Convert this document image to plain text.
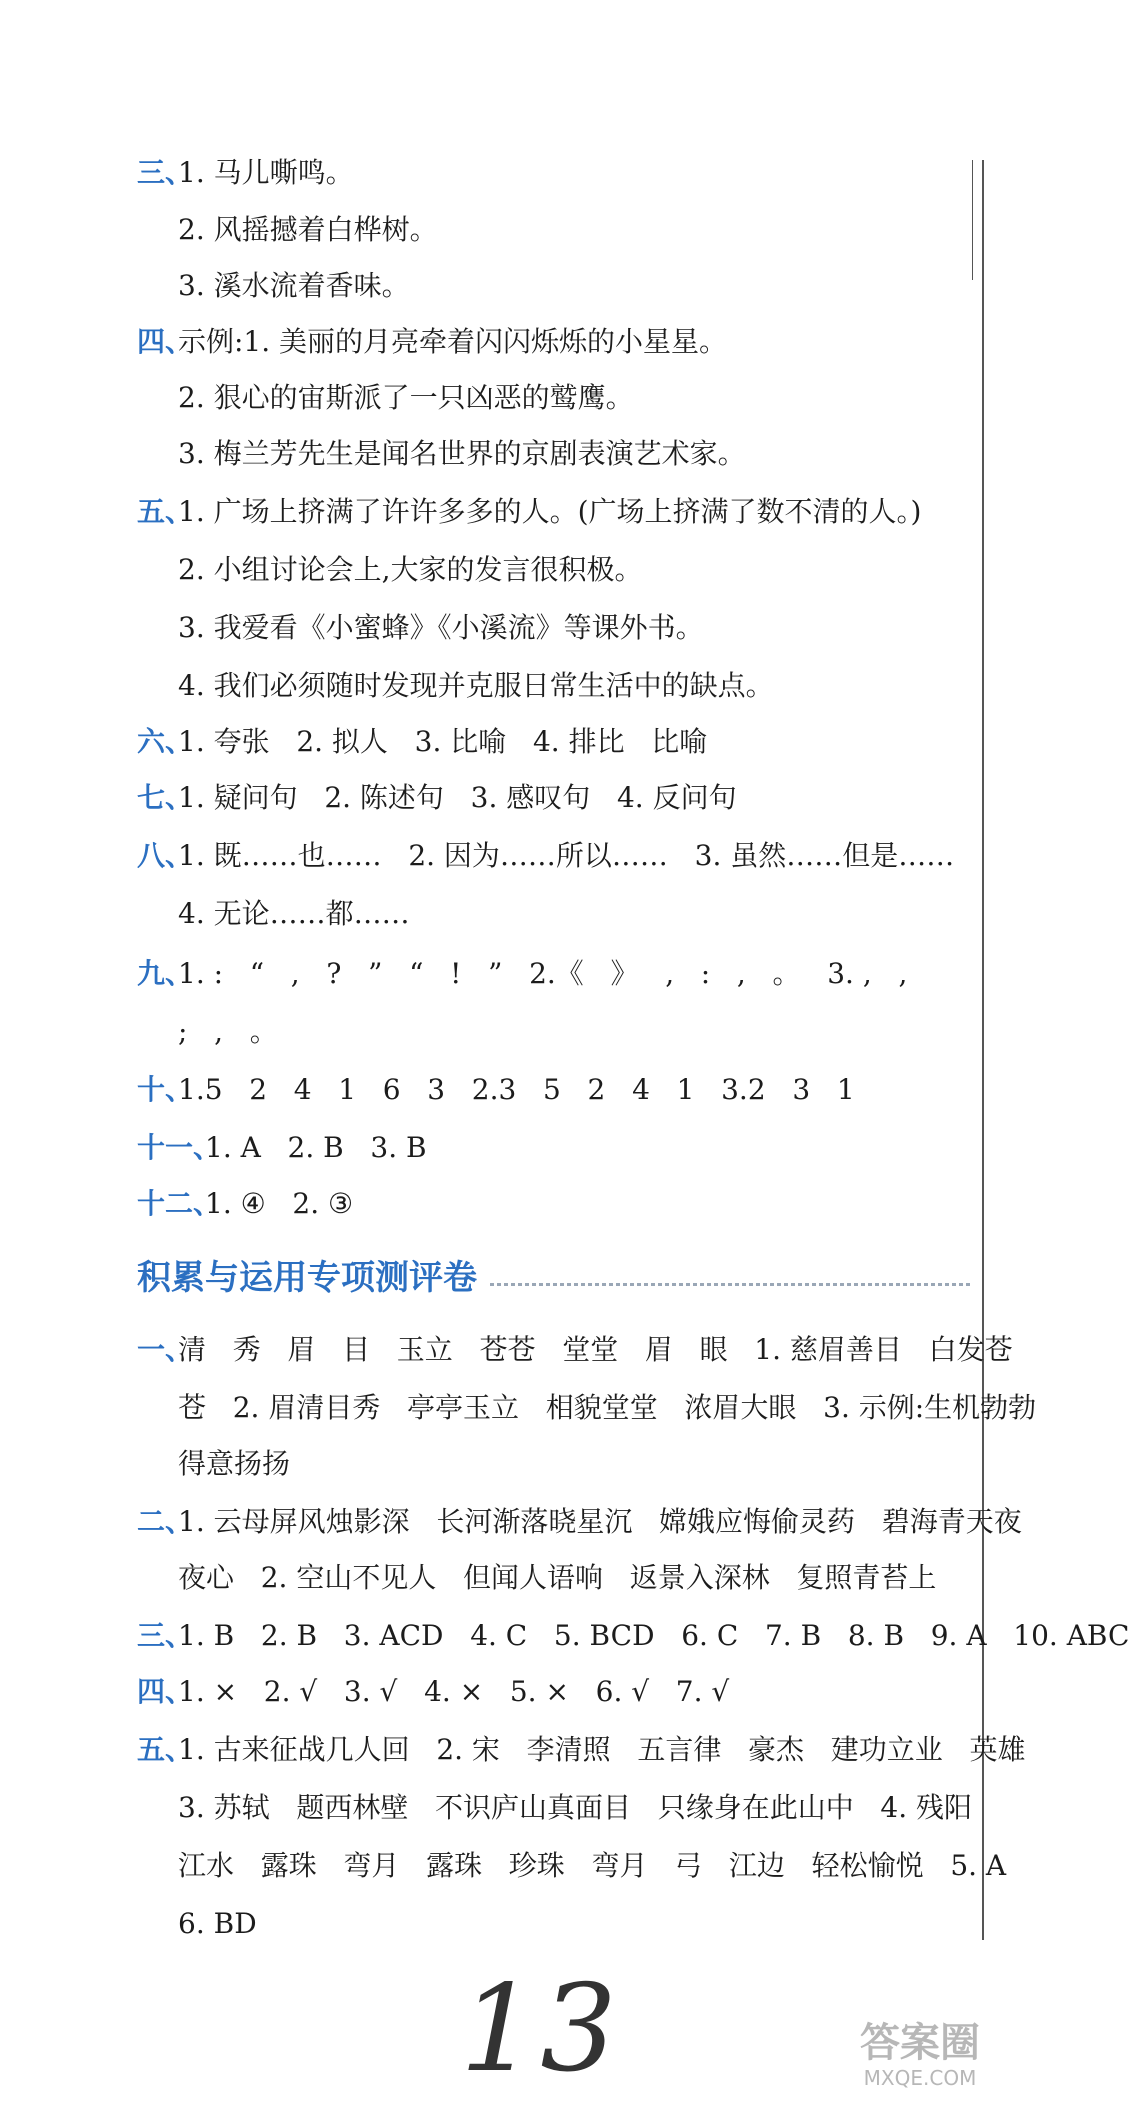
三、
1. 马儿嘶鸣。
2. 风摇撼着白桦树。
3. 溪水流着香味。
四、
示例:1. 美丽的月亮牵着闪闪烁烁的小星星。
2. 狠心的宙斯派了一只凶恶的鹫鹰。
3. 梅兰芳先生是闻名世界的京剧表演艺术家。
五、
1. 广场上挤满了许许多多的人。(广场上挤满了数不清的人。)
2. 小组讨论会上,大家的发言很积极。
3. 我爱看《小蜜蜂》《小溪流》等课外书。
4. 我们必须随时发现并克服日常生活中的缺点。
六、
1. 夸张   2. 拟人   3. 比喻   4. 排比   比喻
七、
1. 疑问句   2. 陈述句   3. 感叹句   4. 反问句
八、
1. 既……也……   2. 因为……所以……   3. 虽然……但是……
4. 无论……都……
九、
1. :   “   ,   ?   ”   “   !   ”   2.《   》   ,   :   ,   。   3. ,   ,
;   ,   。
十、
1.5   2   4   1   6   3   2.3   5   2   4   1   3.2   3   1
十一、
1. A   2. B   3. B
十二、
1. ④   2. ③
积累与运用专项测评卷
一、
清   秀   眉   目   玉立   苍苍   堂堂   眉   眼   1. 慈眉善目   白发苍
苍   2. 眉清目秀   亭亭玉立   相貌堂堂   浓眉大眼   3. 示例:生机勃勃
得意扬扬
二、
1. 云母屏风烛影深   长河渐落晓星沉   嫦娥应悔偷灵药   碧海青天夜
夜心   2. 空山不见人   但闻人语响   返景入深林   复照青苔上
三、
1. B   2. B   3. ACD   4. C   5. BCD   6. C   7. B   8. B   9. A   10. ABC
四、
1. ×   2. √   3. √   4. ×   5. ×   6. √   7. √
五、
1. 古来征战几人回   2. 宋   李清照   五言律   豪杰   建功立业   英雄
3. 苏轼   题西林壁   不识庐山真面目   只缘身在此山中   4. 残阳
江水   露珠   弯月   露珠   珍珠   弯月   弓   江边   轻松愉悦   5. A
6. BD
13	答案圈
MXQE.COM
